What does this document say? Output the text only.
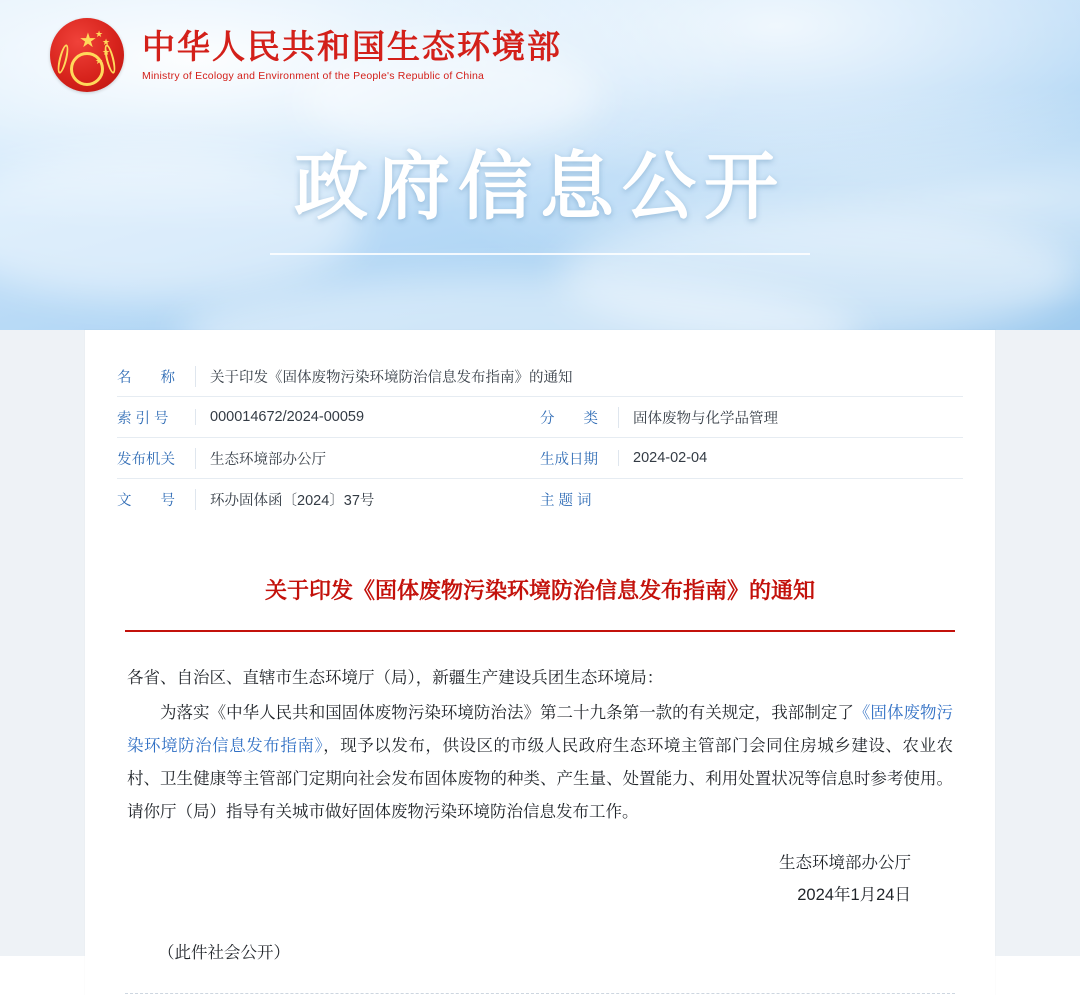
★
★
★
★
★ 中华人民共和国生态环境部
Ministry of Ecology and Environment of the People's Republic of China
政府信息公开
名　　称	关于印发《固体废物污染环境防治信息发布指南》的通知
索 引 号	000014672/2024-00059	分　　类	固体废物与化学品管理
发布机关	生态环境部办公厅	生成日期	2024-02-04
文　　号	环办固体函〔2024〕37号	主 题 词
关于印发《固体废物污染环境防治信息发布指南》的通知

各省、自治区、直辖市生态环境厅（局），新疆生产建设兵团生态环境局：

为落实《中华人民共和国固体废物污染环境防治法》第二十九条第一款的有关规定，我部制定了《固体废物污染环境防治信息发布指南》，现予以发布，供设区的市级人民政府生态环境主管部门会同住房城乡建设、农业农村、卫生健康等主管部门定期向社会发布固体废物的种类、产生量、处置能力、利用处置状况等信息时参考使用。请你厅（局）指导有关城市做好固体废物污染环境防治信息发布工作。

生态环境部办公厅
2024年1月24日
（此件社会公开）
